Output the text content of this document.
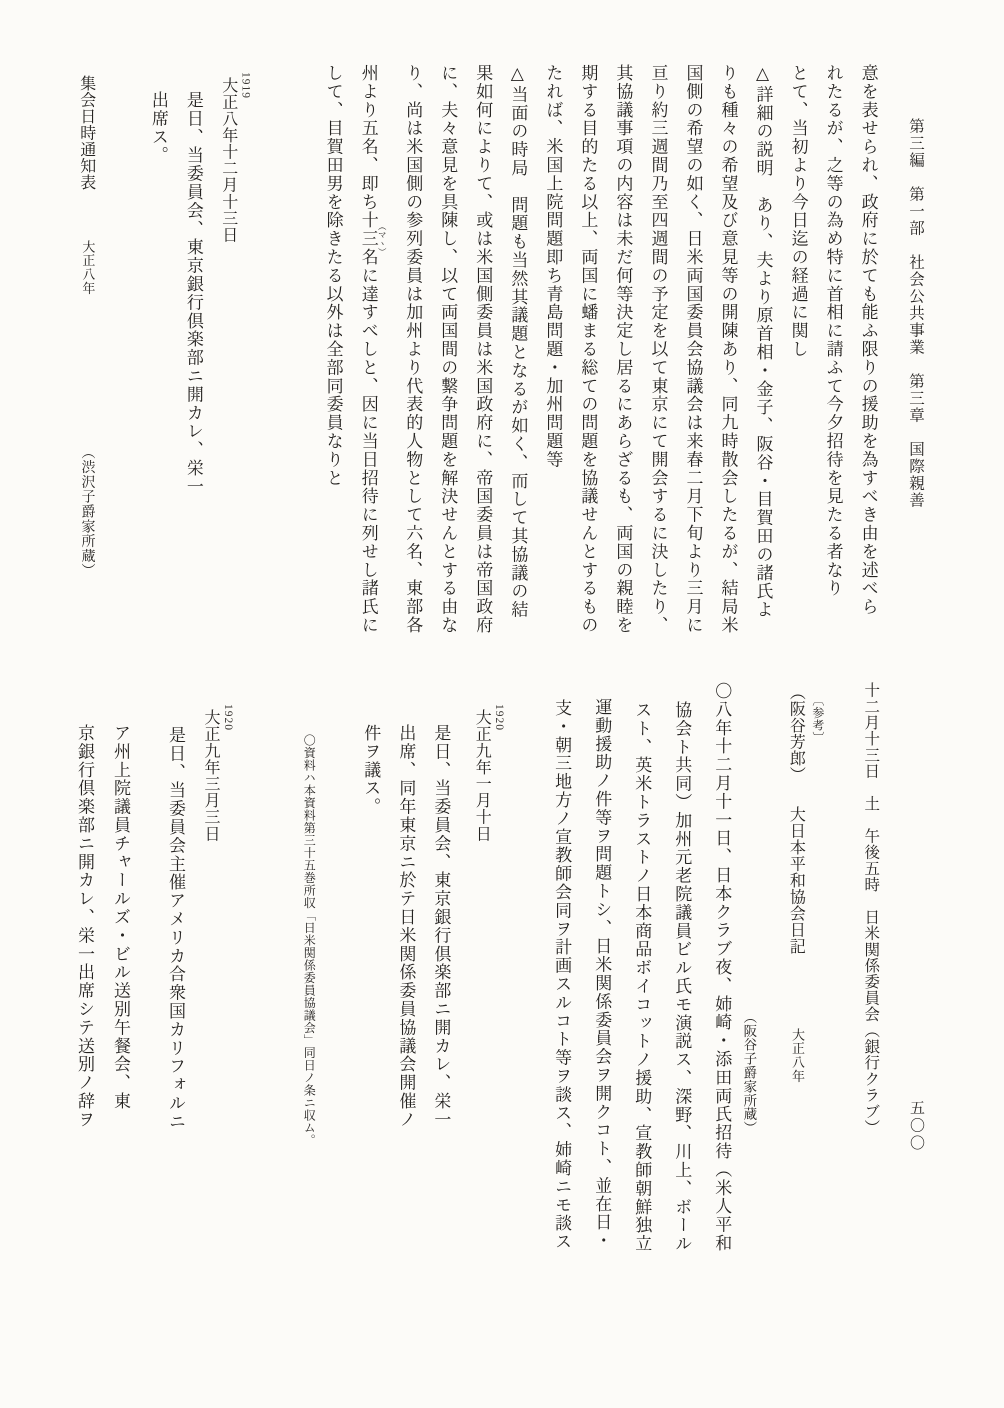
第三編　第一部　社会公共事業　第三章　国際親善
意を表せられ、政府に於ても能ふ限りの援助を為すべき由を述べら
れたるが、之等の為め特に首相に請ふて今夕招待を見たる者なり
とて、当初より今日迄の経過に関し
△詳細の説明　あり、夫より原首相・金子、阪谷・目賀田の諸氏よ
りも種々の希望及び意見等の開陳あり、同九時散会したるが、結局米
国側の希望の如く、日米両国委員会協議会は来春二月下旬より三月に
亘り約三週間乃至四週間の予定を以て東京にて開会するに決したり、
其協議事項の内容は未だ何等決定し居るにあらざるも、両国の親睦を
期する目的たる以上、両国に蟠まる総ての問題を協議せんとするもの
たれば、米国上院問題即ち青島問題・加州問題等
△当面の時局　問題も当然其議題となるが如く、而して其協議の結
果如何によりて、或は米国側委員は米国政府に、帝国委員は帝国政府
に、夫々意見を具陳し、以て両国間の繋争問題を解決せんとする由な
り、尚は米国側の参列委員は加州より代表的人物として六名、東部各
州より五名、即ち十三名 （マヽ）に達すべしと、因に当日招待に列せし諸氏に
して、目賀田男を除きたる以外は全部同委員なりと
1919
大正八年十二月十三日
是日、当委員会、東京銀行倶楽部ニ開カレ、栄一
出席ス。
集会日時通知表
大正八年
（渋沢子爵家所蔵）
五〇〇
十二月十三日　土　午後五時　日米関係委員会（銀行クラブ）
〔参考〕
（阪谷芳郎）
大日本平和協会日記
大正八年
（阪谷子爵家所蔵）
〇八年十二月十一日、日本クラブ夜、姉崎・添田両氏招待（米人平和
協会ト共同）加州元老院議員ビル氏モ演説ス、深野、川上、ボール
スト、英米トラストノ日本商品ボイコットノ援助、宣教師朝鮮独立
運動援助ノ件等ヲ問題トシ、日米関係委員会ヲ開クコト、並在日・
支・朝三地方ノ宣教師会同ヲ計画スルコト等ヲ談ス、姉崎ニモ談ス
1920
大正九年一月十日
是日、当委員会、東京銀行倶楽部ニ開カレ、栄一
出席、同年東京ニ於テ日米関係委員協議会開催ノ
件ヲ議ス。
〇資料ハ本資料第三十五巻所収「日米関係委員協議会」同日ノ条ニ収ム。
1920
大正九年三月三日
是日、当委員会主催アメリカ合衆国カリフォルニ
ア州上院議員チャールズ・ビル送別午餐会、東
京銀行倶楽部ニ開カレ、栄一出席シテ送別ノ辞ヲ
